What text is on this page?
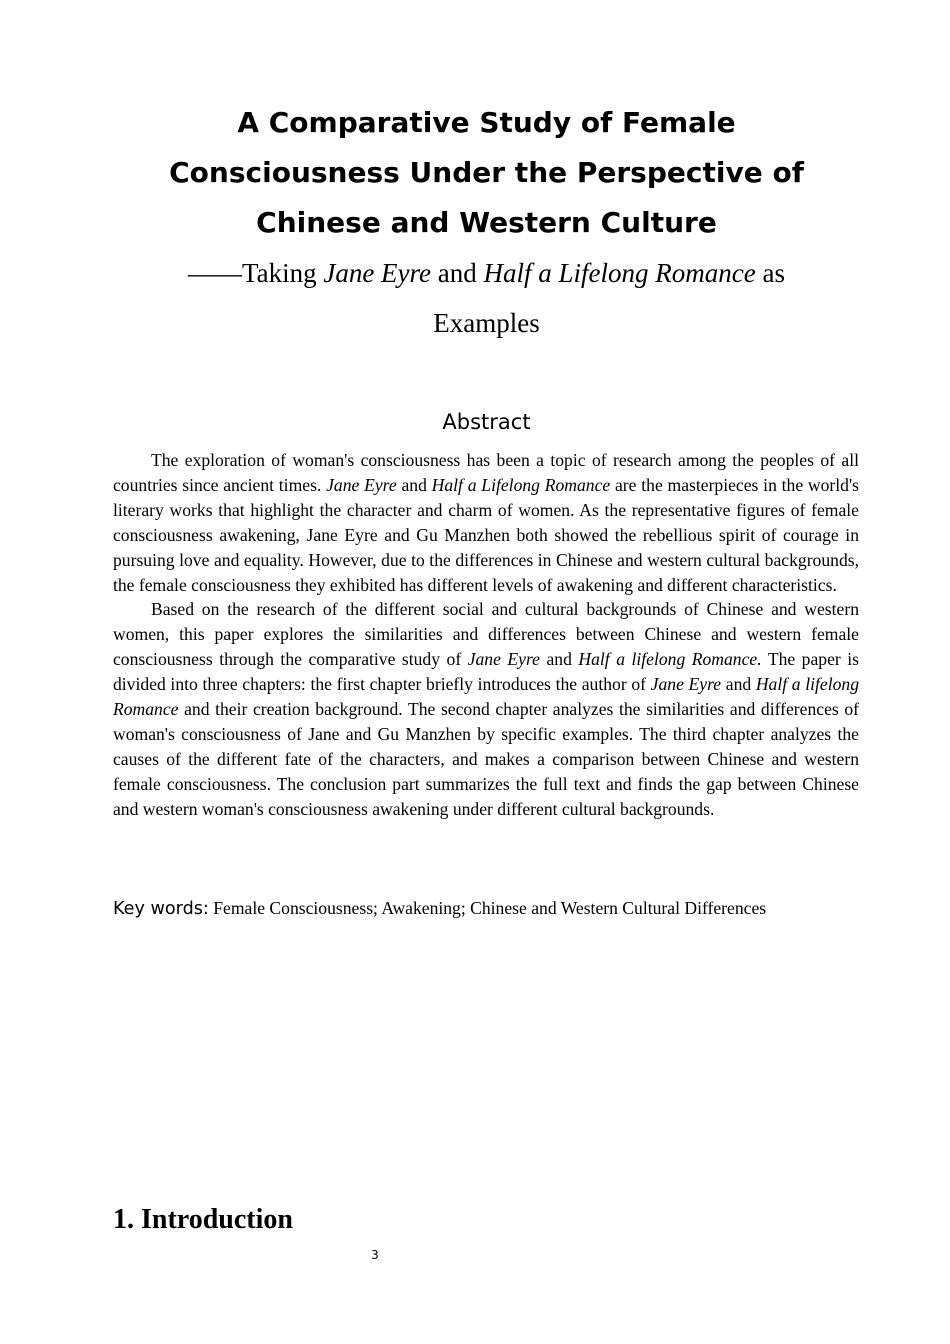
A Comparative Study of Female
Consciousness Under the Perspective of
Chinese and Western Culture
——Taking Jane Eyre and Half a Lifelong Romance as
Examples
Abstract

The exploration of woman's consciousness has been a topic of research among the peoples of all countries since ancient times. Jane Eyre and Half a Lifelong Romance are the masterpieces in the world's literary works that highlight the character and charm of women. As the representative figures of female consciousness awakening, Jane Eyre and Gu Manzhen both showed the rebellious spirit of courage in pursuing love and equality. However, due to the differences in Chinese and western cultural backgrounds, the female consciousness they exhibited has different levels of awakening and different characteristics.

Based on the research of the different social and cultural backgrounds of Chinese and western women, this paper explores the similarities and differences between Chinese and western female consciousness through the comparative study of Jane Eyre and Half a lifelong Romance. The paper is divided into three chapters: the first chapter briefly introduces the author of Jane Eyre and Half a lifelong Romance and their creation background. The second chapter analyzes the similarities and differences of woman's consciousness of Jane and Gu Manzhen by specific examples. The third chapter analyzes the causes of the different fate of the characters, and makes a comparison between Chinese and western female consciousness. The conclusion part summarizes the full text and finds the gap between Chinese and western woman's consciousness awakening under different cultural backgrounds.

Key words: Female Consciousness; Awakening; Chinese and Western Cultural Differences
1. Introduction
3
